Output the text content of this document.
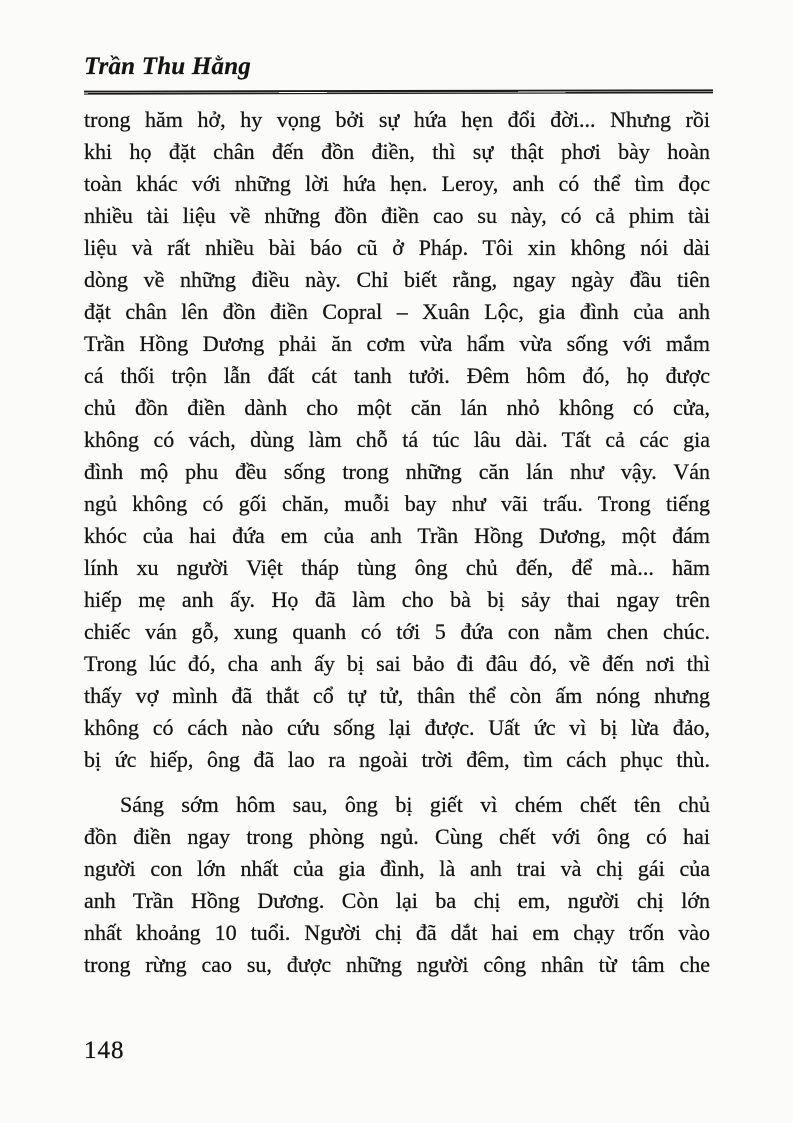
Trần Thu Hằng
trong hăm hở, hy vọng bởi sự hứa hẹn đổi đời... Nhưng rồi
khi họ đặt chân đến đồn điền, thì sự thật phơi bày hoàn
toàn khác với những lời hứa hẹn. Leroy, anh có thể tìm đọc
nhiều tài liệu về những đồn điền cao su này, có cả phim tài
liệu và rất nhiều bài báo cũ ở Pháp. Tôi xin không nói dài
dòng về những điều này. Chỉ biết rằng, ngay ngày đầu tiên
đặt chân lên đồn điền Copral – Xuân Lộc, gia đình của anh
Trần Hồng Dương phải ăn cơm vừa hẩm vừa sống với mắm
cá thối trộn lẫn đất cát tanh tưởi. Đêm hôm đó, họ được
chủ đồn điền dành cho một căn lán nhỏ không có cửa,
không có vách, dùng làm chỗ tá túc lâu dài. Tất cả các gia
đình mộ phu đều sống trong những căn lán như vậy. Ván
ngủ không có gối chăn, muỗi bay như vãi trấu. Trong tiếng
khóc của hai đứa em của anh Trần Hồng Dương, một đám
lính xu người Việt tháp tùng ông chủ đến, để mà... hãm
hiếp mẹ anh ấy. Họ đã làm cho bà bị sảy thai ngay trên
chiếc ván gỗ, xung quanh có tới 5 đứa con nằm chen chúc.
Trong lúc đó, cha anh ấy bị sai bảo đi đâu đó, về đến nơi thì
thấy vợ mình đã thắt cổ tự tử, thân thể còn ấm nóng nhưng
không có cách nào cứu sống lại được. Uất ức vì bị lừa đảo,
bị ức hiếp, ông đã lao ra ngoài trời đêm, tìm cách phục thù.
Sáng sớm hôm sau, ông bị giết vì chém chết tên chủ
đồn điền ngay trong phòng ngủ. Cùng chết với ông có hai
người con lớn nhất của gia đình, là anh trai và chị gái của
anh Trần Hồng Dương. Còn lại ba chị em, người chị lớn
nhất khoảng 10 tuổi. Người chị đã dắt hai em chạy trốn vào
trong rừng cao su, được những người công nhân từ tâm che
148
